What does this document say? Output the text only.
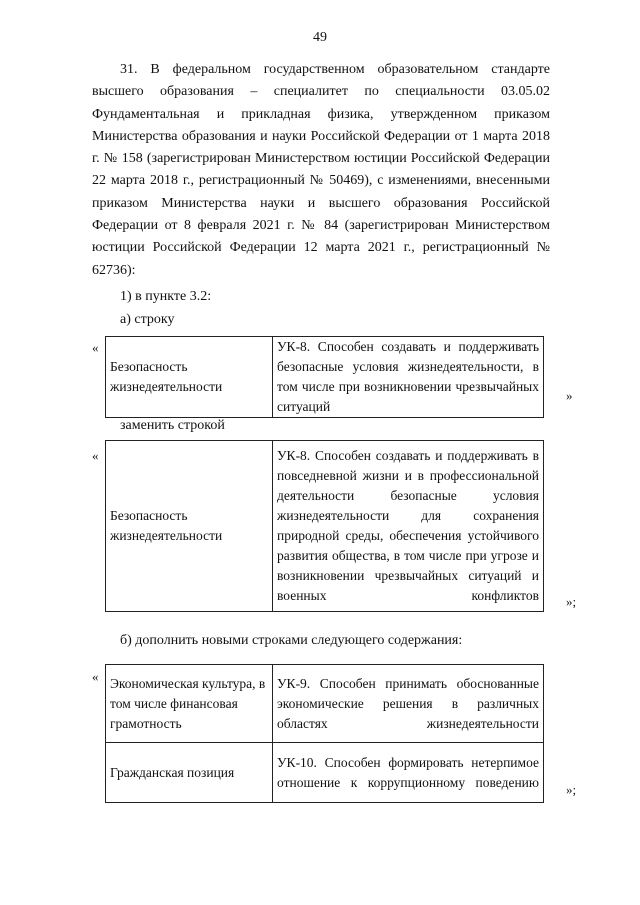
49
31. В федеральном государственном образовательном стандарте высшего образования – специалитет по специальности 03.05.02 Фундаментальная и прикладная физика, утвержденном приказом Министерства образования и науки Российской Федерации от 1 марта 2018 г. № 158 (зарегистрирован Министерством юстиции Российской Федерации 22 марта 2018 г., регистрационный № 50469), с изменениями, внесенными приказом Министерства науки и высшего образования Российской Федерации от 8 февраля 2021 г. № 84 (зарегистрирован Министерством юстиции Российской Федерации 12 марта 2021 г., регистрационный № 62736):
1) в пункте 3.2:
а) строку
«
Безопасность жизнедеятельности	УК-8. Способен создавать и поддерживать безопасные условия жизнедеятельности, в том числе при возникновении чрезвычайных ситуаций
»
заменить строкой
«
Безопасность жизнедеятельности	УК-8. Способен создавать и поддерживать в повседневной жизни и в профессиональной деятельности безопасные условия жизнедеятельности для сохранения природной среды, обеспечения устойчивого развития общества, в том числе при угрозе и возникновении чрезвычайных ситуаций и военных конфликтов »;
б) дополнить новыми строками следующего содержания:
« Экономическая культура, в том числе финансовая грамотность	УК-9. Способен принимать обоснованные экономические решения в различных областях жизнедеятельности
Гражданская позиция	УК-10. Способен формировать нетерпимое отношение к коррупционному поведению »;
